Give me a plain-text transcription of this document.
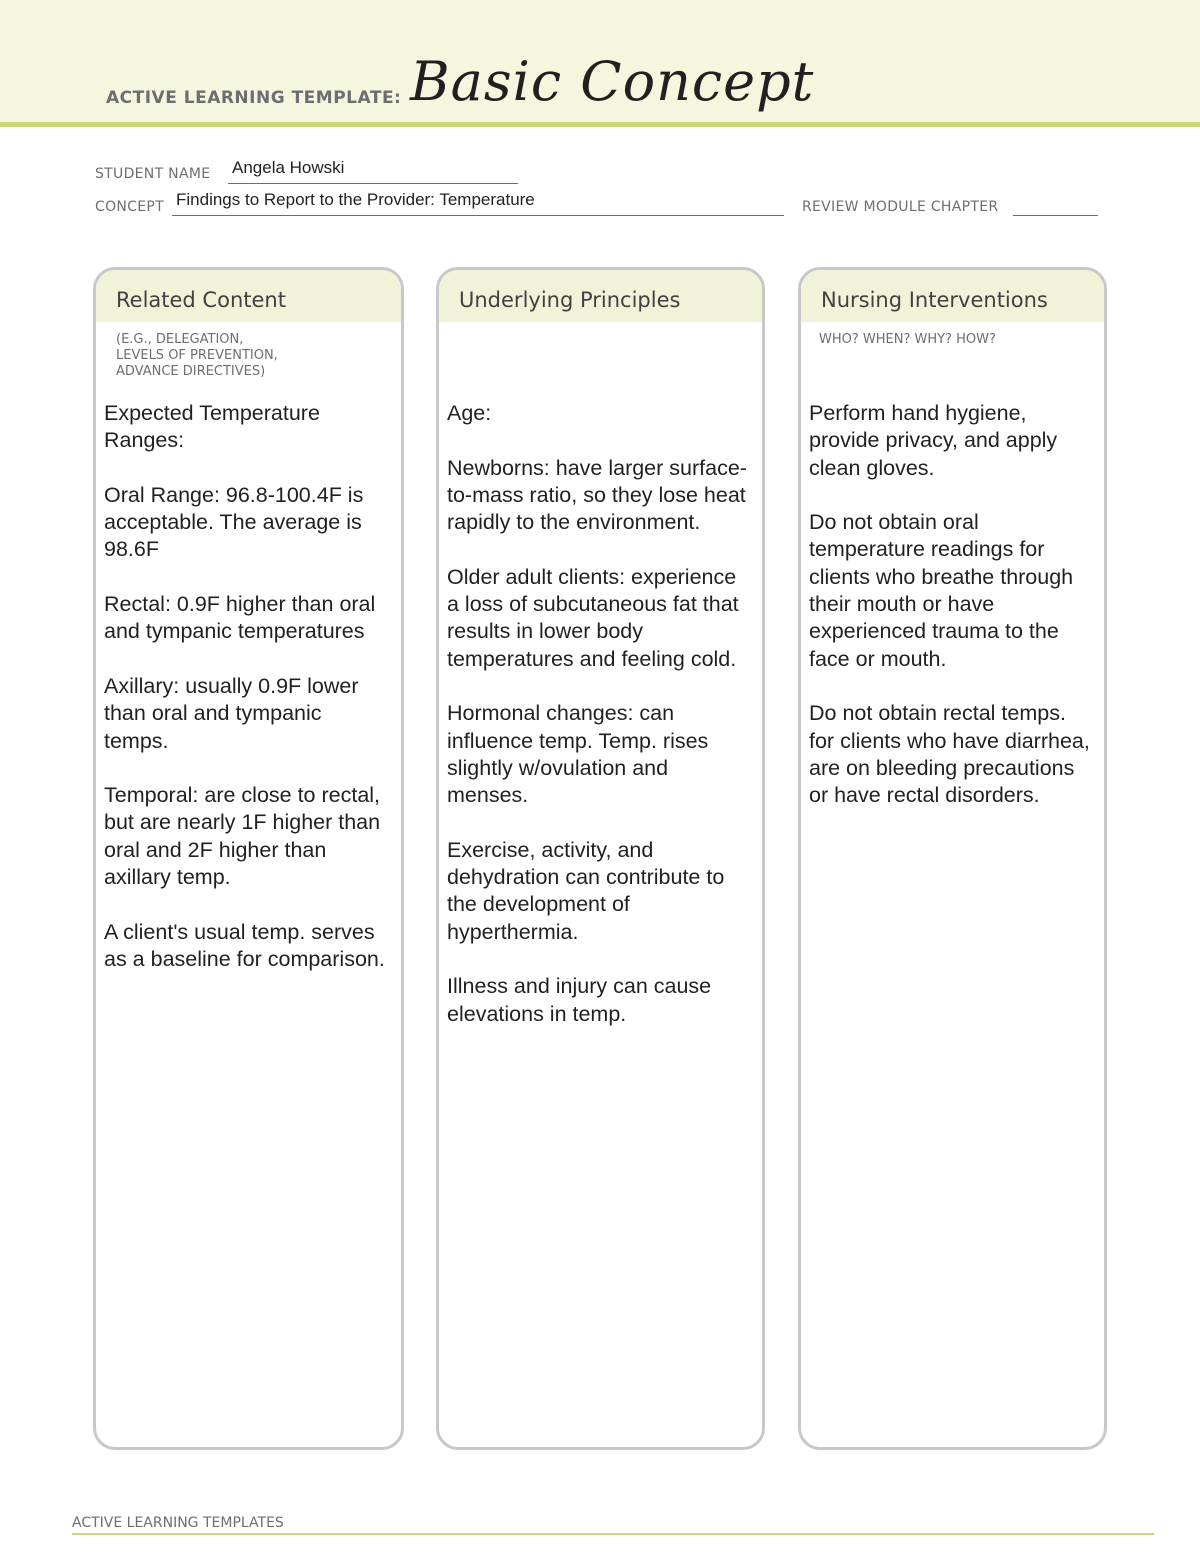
ACTIVE LEARNING TEMPLATE: Basic Concept
STUDENT NAME Angela Howski
CONCEPT Findings to Report to the Provider: Temperature	REVIEW MODULE CHAPTER
Related Content
(E.G., DELEGATION,
LEVELS OF PREVENTION,
ADVANCE DIRECTIVES)

Expected Temperature Ranges:

Oral Range: 96.8-100.4F is acceptable. The average is 98.6F

Rectal: 0.9F higher than oral and tympanic temperatures

Axillary: usually 0.9F lower than oral and tympanic temps.

Temporal: are close to rectal, but are nearly 1F higher than oral and 2F higher than axillary temp.

A client's usual temp. serves as a baseline for comparison.

Underlying Principles

Age:

Newborns: have larger surface-to-mass ratio, so they lose heat rapidly to the environment.

Older adult clients: experience a loss of subcutaneous fat that results in lower body temperatures and feeling cold.

Hormonal changes: can influence temp. Temp. rises slightly w/ovulation and menses.

Exercise, activity, and dehydration can contribute to the development of hyperthermia.

Illness and injury can cause elevations in temp.

Nursing Interventions
WHO? WHEN? WHY? HOW?

Perform hand hygiene, provide privacy, and apply clean gloves.

Do not obtain oral temperature readings for clients who breathe through their mouth or have experienced trauma to the face or mouth.

Do not obtain rectal temps. for clients who have diarrhea, are on bleeding precautions or have rectal disorders.

ACTIVE LEARNING TEMPLATES
